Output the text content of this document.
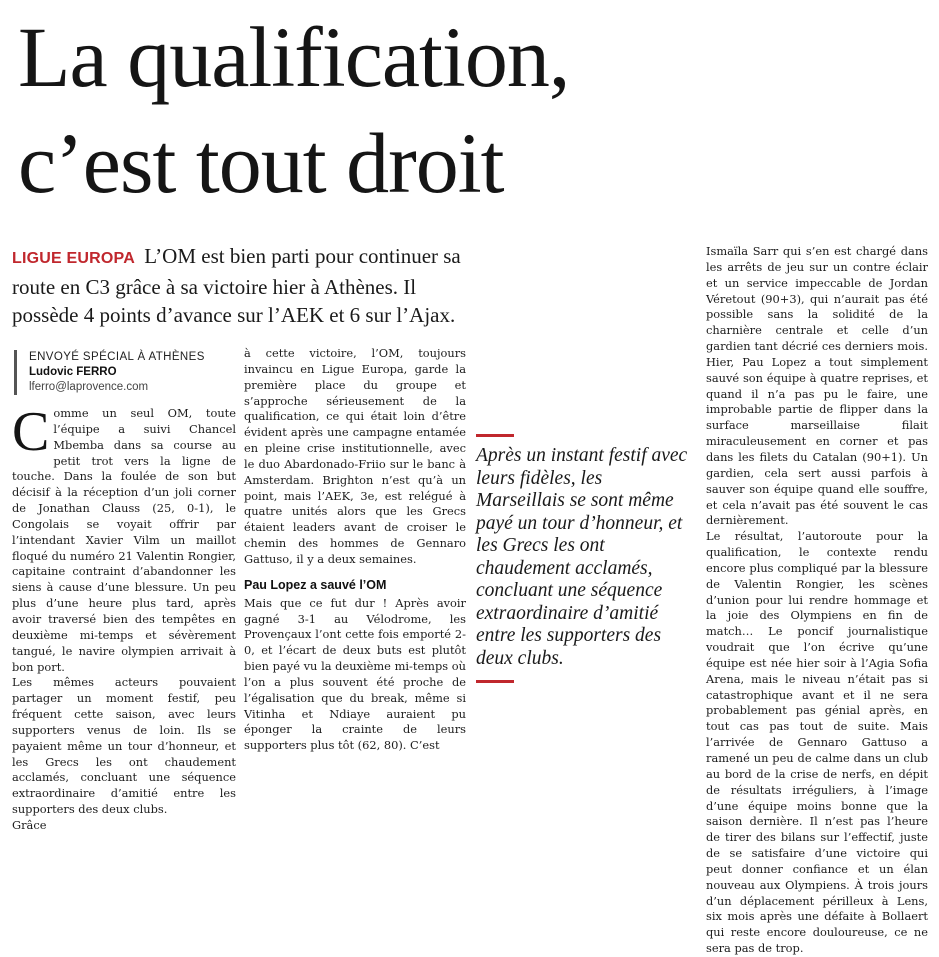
La qualification,
c’est tout droit
LIGUE EUROPA L’OM est bien parti pour continuer sa route en C3 grâce à sa victoire hier à Athènes. Il possède 4 points d’avance sur l’AEK et 6 sur l’Ajax.
ENVOYÉ SPÉCIAL À ATHÈNES
Ludovic FERRO
lferro@laprovence.com

Comme un seul OM, toute l’équipe a suivi Chancel Mbemba dans sa course au petit trot vers la ligne de touche. Dans la foulée de son but décisif à la réception d’un joli corner de Jonathan Clauss (25, 0-1), le Congolais se voyait offrir par l’intendant Xavier Vilm un maillot floqué du numéro 21 Valentin Rongier, capitaine contraint d’abandonner les siens à cause d’une blessure. Un peu plus d’une heure plus tard, après avoir traversé bien des tempêtes en deuxième mi-temps et sévèrement tangué, le navire olympien arrivait à bon port.

Les mêmes acteurs pouvaient partager un moment festif, peu fréquent cette saison, avec leurs supporters venus de loin. Ils se payaient même un tour d’honneur, et les Grecs les ont chaudement acclamés, concluant une séquence extraordinaire d’amitié entre les supporters des deux clubs.

Grâce

à cette victoire, l’OM, toujours invaincu en Ligue Europa, garde la première place du groupe et s’approche sérieusement de la qualification, ce qui était loin d’être évident après une campagne entamée en pleine crise institutionnelle, avec le duo Abardonado-Friio sur le banc à Amsterdam. Brighton n’est qu’à un point, mais l’AEK, 3e, est relégué à quatre unités alors que les Grecs étaient leaders avant de croiser le chemin des hommes de Gennaro Gattuso, il y a deux semaines.

Pau Lopez a sauvé l’OM

Mais que ce fut dur ! Après avoir gagné 3-1 au Vélodrome, les Provençaux l’ont cette fois emporté 2-0, et l’écart de deux buts est plutôt bien payé vu la deuxième mi-temps où l’on a plus souvent été proche de l’égalisation que du break, même si Vitinha et Ndiaye auraient pu éponger la crainte de leurs supporters plus tôt (62, 80). C’est

Après un instant festif avec leurs fidèles, les Marseillais se sont même payé un tour d’honneur, et les Grecs les ont chaudement acclamés, concluant une séquence extraordinaire d’amitié entre les supporters des deux clubs.

Ismaïla Sarr qui s’en est chargé dans les arrêts de jeu sur un contre éclair et un service impeccable de Jordan Véretout (90+3), qui n’aurait pas été possible sans la solidité de la charnière centrale et celle d’un gardien tant décrié ces derniers mois. Hier, Pau Lopez a tout simplement sauvé son équipe à quatre reprises, et quand il n’a pas pu le faire, une improbable partie de flipper dans la surface marseillaise filait miraculeusement en corner et pas dans les filets du Catalan (90+1). Un gardien, cela sert aussi parfois à sauver son équipe quand elle souffre, et cela n’avait pas été souvent le cas dernièrement.

Le résultat, l’autoroute pour la qualification, le contexte rendu encore plus compliqué par la blessure de Valentin Rongier, les scènes d’union pour lui rendre hommage et la joie des Olympiens en fin de match… Le poncif journalistique voudrait que l’on écrive qu’une équipe est née hier soir à l’Agia Sofia Arena, mais le niveau n’était pas si catastrophique avant et il ne sera probablement pas génial après, en tout cas pas tout de suite. Mais l’arrivée de Gennaro Gattuso a ramené un peu de calme dans un club au bord de la crise de nerfs, en dépit de résultats irréguliers, à l’image d’une équipe moins bonne que la saison dernière. Il n’est pas l’heure de tirer des bilans sur l’effectif, juste de se satisfaire d’une victoire qui peut donner confiance et un élan nouveau aux Olympiens. À trois jours d’un déplacement périlleux à Lens, six mois après une défaite à Bollaert qui reste encore douloureuse, ce ne sera pas de trop.
